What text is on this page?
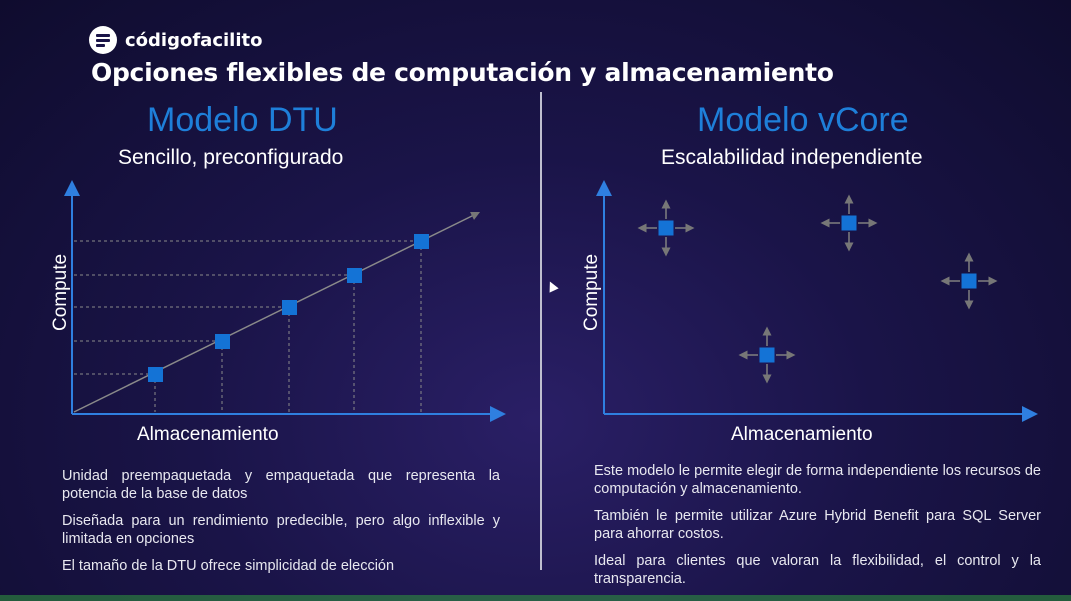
códigofacilito
Opciones flexibles de computación y almacenamiento
Modelo DTU
Sencillo, preconfigurado
Modelo vCore
Escalabilidad independiente
Compute
Almacenamiento
Compute
Almacenamiento

Unidad preempaquetada y empaquetada que representa la potencia de la base de datos

Diseñada para un rendimiento predecible, pero algo inflexible y limitada en opciones

El tamaño de la DTU ofrece simplicidad de elección

Este modelo le permite elegir de forma independiente los recursos de computación y almacenamiento.

También le permite utilizar Azure Hybrid Benefit para SQL Server para ahorrar costos.

Ideal para clientes que valoran la flexibilidad, el control y la transparencia.
